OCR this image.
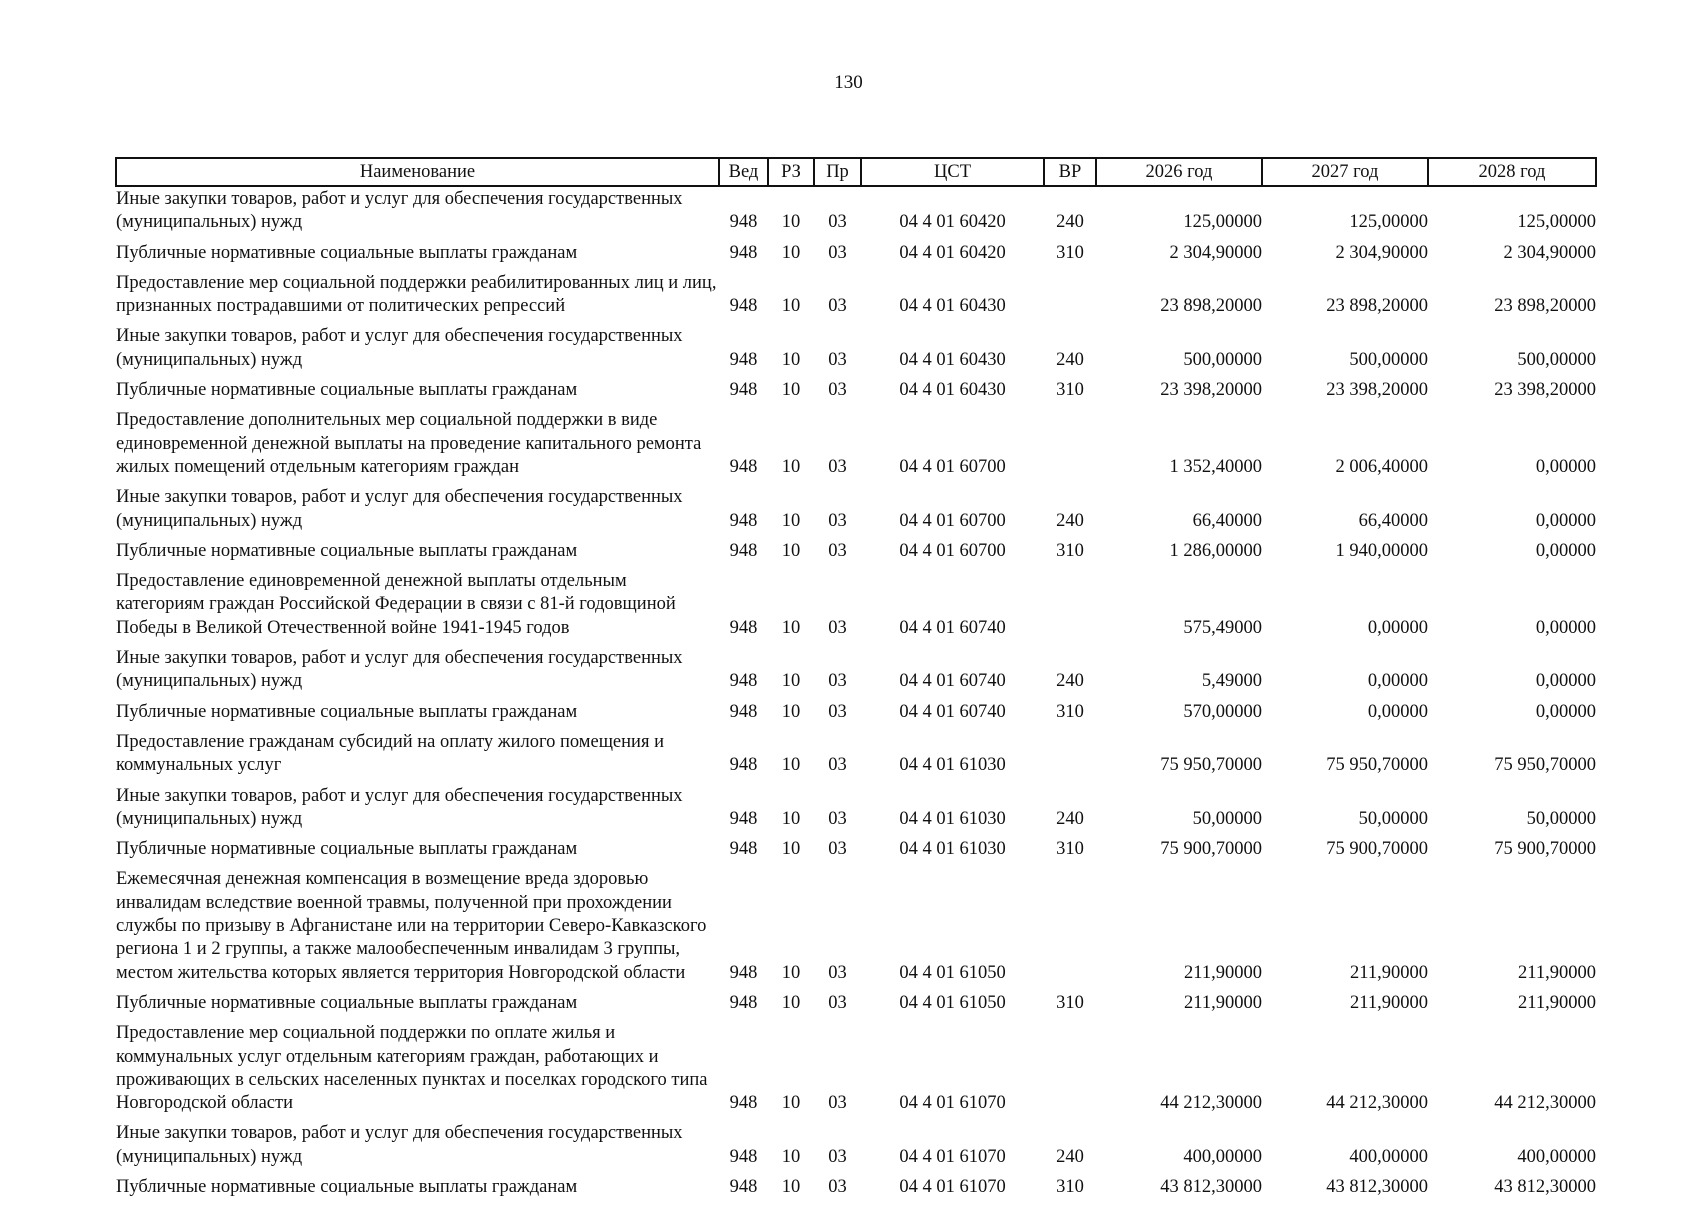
130
Наименование	Вед	РЗ	Пр	ЦСТ	ВР	2026 год	2027 год	2028 год
Иные закупки товаров, работ и услуг для обеспечения государственных (муниципальных) нужд	948	10	03	04 4 01 60420	240	125,00000	125,00000	125,00000
Публичные нормативные социальные выплаты гражданам	948	10	03	04 4 01 60420	310	2 304,90000	2 304,90000	2 304,90000
Предоставление мер социальной поддержки реабилитированных лиц и лиц, признанных пострадавшими от политических репрессий	948	10	03	04 4 01 60430		23 898,20000	23 898,20000	23 898,20000
Иные закупки товаров, работ и услуг для обеспечения государственных (муниципальных) нужд	948	10	03	04 4 01 60430	240	500,00000	500,00000	500,00000
Публичные нормативные социальные выплаты гражданам	948	10	03	04 4 01 60430	310	23 398,20000	23 398,20000	23 398,20000
Предоставление дополнительных мер социальной поддержки в виде единовременной денежной выплаты на проведение капитального ремонта жилых помещений отдельным категориям граждан	948	10	03	04 4 01 60700		1 352,40000	2 006,40000	0,00000
Иные закупки товаров, работ и услуг для обеспечения государственных (муниципальных) нужд	948	10	03	04 4 01 60700	240	66,40000	66,40000	0,00000
Публичные нормативные социальные выплаты гражданам	948	10	03	04 4 01 60700	310	1 286,00000	1 940,00000	0,00000
Предоставление единовременной денежной выплаты отдельным категориям граждан Российской Федерации в связи с 81-й годовщиной Победы в Великой Отечественной войне 1941-1945 годов	948	10	03	04 4 01 60740		575,49000	0,00000	0,00000
Иные закупки товаров, работ и услуг для обеспечения государственных (муниципальных) нужд	948	10	03	04 4 01 60740	240	5,49000	0,00000	0,00000
Публичные нормативные социальные выплаты гражданам	948	10	03	04 4 01 60740	310	570,00000	0,00000	0,00000
Предоставление гражданам субсидий на оплату жилого помещения и коммунальных услуг	948	10	03	04 4 01 61030		75 950,70000	75 950,70000	75 950,70000
Иные закупки товаров, работ и услуг для обеспечения государственных (муниципальных) нужд	948	10	03	04 4 01 61030	240	50,00000	50,00000	50,00000
Публичные нормативные социальные выплаты гражданам	948	10	03	04 4 01 61030	310	75 900,70000	75 900,70000	75 900,70000
Ежемесячная денежная компенсация в возмещение вреда здоровью инвалидам вследствие военной травмы, полученной при прохождении службы по призыву в Афганистане или на территории Северо-Кавказского региона 1 и 2 группы, а также малообеспеченным инвалидам 3 группы, местом жительства которых является территория Новгородской области	948	10	03	04 4 01 61050		211,90000	211,90000	211,90000
Публичные нормативные социальные выплаты гражданам	948	10	03	04 4 01 61050	310	211,90000	211,90000	211,90000
Предоставление мер социальной поддержки по оплате жилья и коммунальных услуг отдельным категориям граждан, работающих и проживающих в сельских населенных пунктах и поселках городского типа Новгородской области	948	10	03	04 4 01 61070		44 212,30000	44 212,30000	44 212,30000
Иные закупки товаров, работ и услуг для обеспечения государственных (муниципальных) нужд	948	10	03	04 4 01 61070	240	400,00000	400,00000	400,00000
Публичные нормативные социальные выплаты гражданам	948	10	03	04 4 01 61070	310	43 812,30000	43 812,30000	43 812,30000
